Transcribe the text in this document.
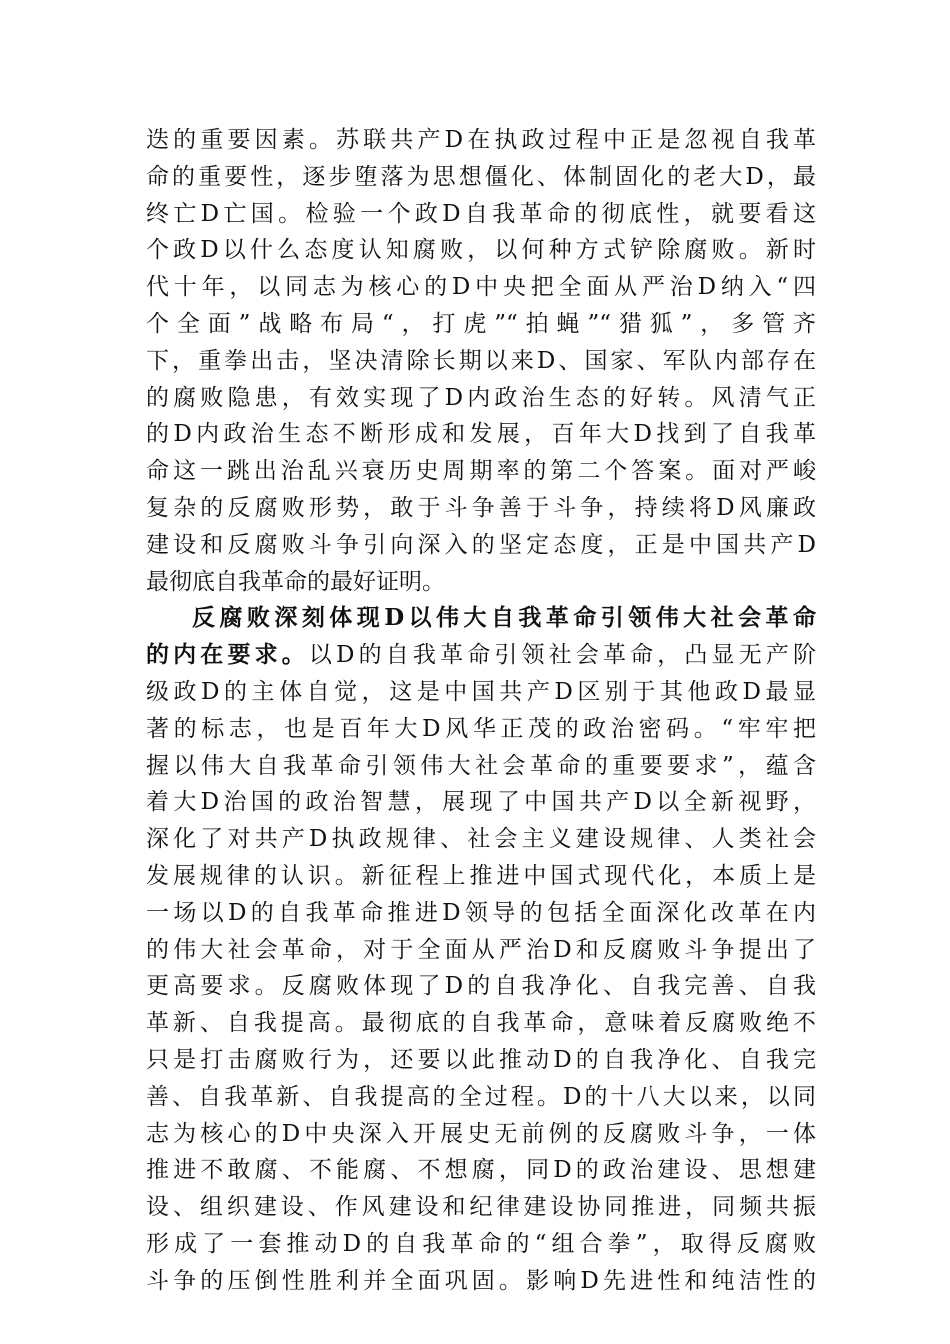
迭的重要因素。苏联共产D在执政过程中正是忽视自我革
命的重要性，逐步堕落为思想僵化、体制固化的老大D，最
终亡D亡国。检验一个政D自我革命的彻底性，就要看这
个政D以什么态度认知腐败，以何种方式铲除腐败。新时
代十年，以同志为核心的D中央把全面从严治D纳入“四
个全面”战略布局“，打虎”“拍蝇”“猎狐”，多管齐
下，重拳出击，坚决清除长期以来D、国家、军队内部存在
的腐败隐患，有效实现了D内政治生态的好转。风清气正
的D内政治生态不断形成和发展，百年大D找到了自我革
命这一跳出治乱兴衰历史周期率的第二个答案。面对严峻
复杂的反腐败形势，敢于斗争善于斗争，持续将D风廉政
建设和反腐败斗争引向深入的坚定态度，正是中国共产D
最彻底自我革命的最好证明。
反腐败深刻体现D以伟大自我革命引领伟大社会革命
的内在要求。以D的自我革命引领社会革命，凸显无产阶
级政D的主体自觉，这是中国共产D区别于其他政D最显
著的标志，也是百年大D风华正茂的政治密码。“牢牢把
握以伟大自我革命引领伟大社会革命的重要要求”，蕴含
着大D治国的政治智慧，展现了中国共产D以全新视野，
深化了对共产D执政规律、社会主义建设规律、人类社会
发展规律的认识。新征程上推进中国式现代化，本质上是
一场以D的自我革命推进D领导的包括全面深化改革在内
的伟大社会革命，对于全面从严治D和反腐败斗争提出了
更高要求。反腐败体现了D的自我净化、自我完善、自我
革新、自我提高。最彻底的自我革命，意味着反腐败绝不
只是打击腐败行为，还要以此推动D的自我净化、自我完
善、自我革新、自我提高的全过程。D的十八大以来，以同
志为核心的D中央深入开展史无前例的反腐败斗争，一体
推进不敢腐、不能腐、不想腐，同D的政治建设、思想建
设、组织建设、作风建设和纪律建设协同推进，同频共振
形成了一套推动D的自我革命的“组合拳”，取得反腐败
斗争的压倒性胜利并全面巩固。影响D先进性和纯洁性的
